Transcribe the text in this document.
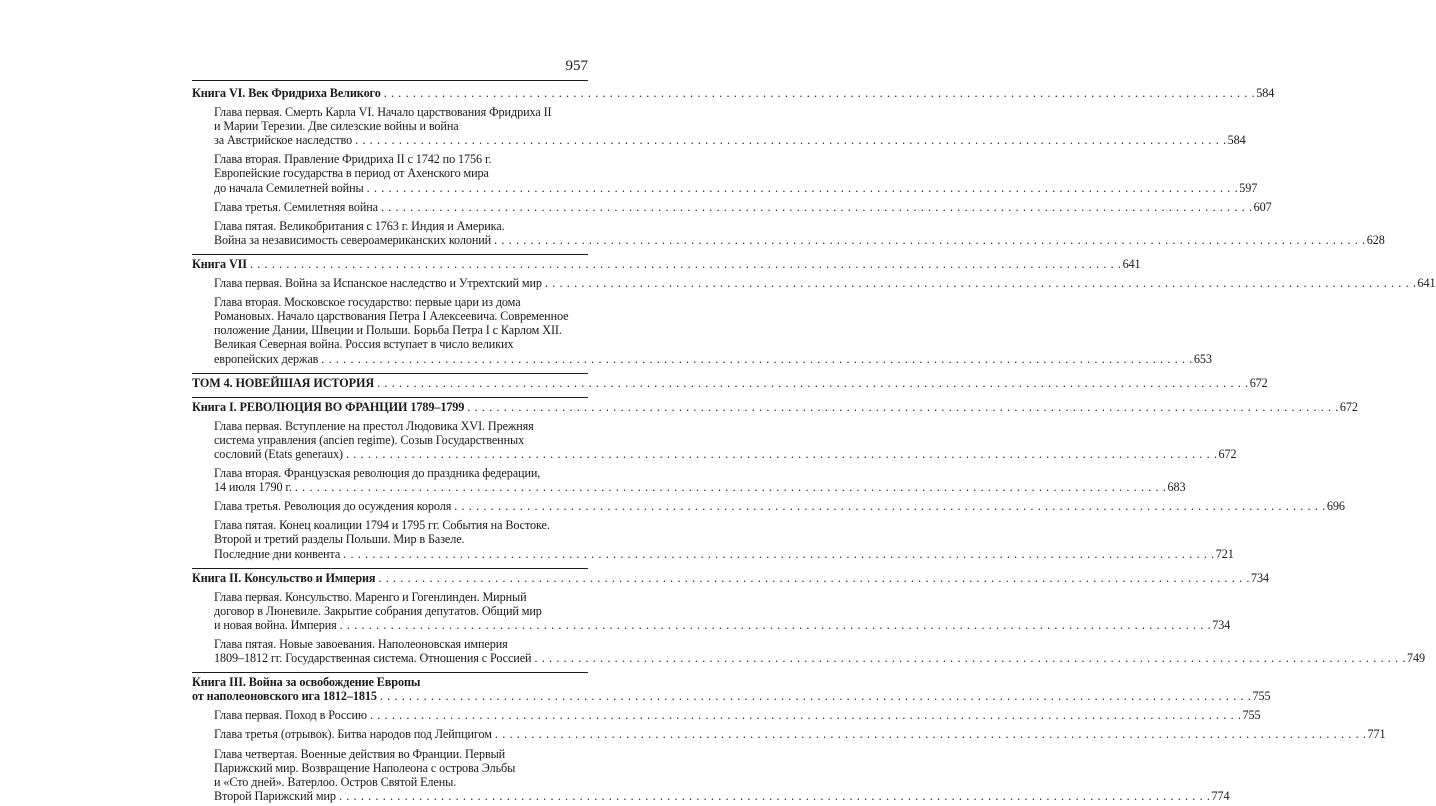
957
Книга VI. Век Фридриха Великого . . . . . . . . . . . . . . . . . . . . . . . . . . . . . . . . . . . . . . . . . . . . . . . . . . . . . . . . . . . . . . . . . . . . . . . . . . . . . . . . . . . . . . . . . . . . . . . . . . . . . . . . . . . . . . . . . . . . . . . . 584
Глава первая. Смерть Карла VI. Начало царствования Фридриха II
и Марии Терезии. Две силезские войны и война
за Австрийское наследство . . . . . . . . . . . . . . . . . . . . . . . . . . . . . . . . . . . . . . . . . . . . . . . . . . . . . . . . . . . . . . . . . . . . . . . . . . . . . . . . . . . . . . . . . . . . . . . . . . . . . . . . . . . . . . . . . . . . . . . . 584
Глава вторая. Правление Фридриха II с 1742 по 1756 г.
Европейские государства в период от Ахенского мира
до начала Семилетней войны . . . . . . . . . . . . . . . . . . . . . . . . . . . . . . . . . . . . . . . . . . . . . . . . . . . . . . . . . . . . . . . . . . . . . . . . . . . . . . . . . . . . . . . . . . . . . . . . . . . . . . . . . . . . . . . . . . . . . . . . 597
Глава третья. Семилетняя война . . . . . . . . . . . . . . . . . . . . . . . . . . . . . . . . . . . . . . . . . . . . . . . . . . . . . . . . . . . . . . . . . . . . . . . . . . . . . . . . . . . . . . . . . . . . . . . . . . . . . . . . . . . . . . . . . . . . . . . . 607
Глава пятая. Великобритания с 1763 г. Индия и Америка.
Война за независимость североамериканских колоний . . . . . . . . . . . . . . . . . . . . . . . . . . . . . . . . . . . . . . . . . . . . . . . . . . . . . . . . . . . . . . . . . . . . . . . . . . . . . . . . . . . . . . . . . . . . . . . . . . . . . . . . . . . . . . . . . . . . . . . . 628
Книга VII . . . . . . . . . . . . . . . . . . . . . . . . . . . . . . . . . . . . . . . . . . . . . . . . . . . . . . . . . . . . . . . . . . . . . . . . . . . . . . . . . . . . . . . . . . . . . . . . . . . . . . . . . . . . . . . . . . . . . . . . 641
Глава первая. Война за Испанское наследство и Утрехтский мир . . . . . . . . . . . . . . . . . . . . . . . . . . . . . . . . . . . . . . . . . . . . . . . . . . . . . . . . . . . . . . . . . . . . . . . . . . . . . . . . . . . . . . . . . . . . . . . . . . . . . . . . . . . . . . . . . . . . . . . . 641
Глава вторая. Московское государство: первые цари из дома
Романовых. Начало царствования Петра I Алексеевича. Современное
положение Дании, Швеции и Польши. Борьба Петра I с Карлом XII.
Великая Северная война. Россия вступает в число великих
европейских держав . . . . . . . . . . . . . . . . . . . . . . . . . . . . . . . . . . . . . . . . . . . . . . . . . . . . . . . . . . . . . . . . . . . . . . . . . . . . . . . . . . . . . . . . . . . . . . . . . . . . . . . . . . . . . . . . . . . . . . . . 653
ТОМ 4. НОВЕЙШАЯ ИСТОРИЯ . . . . . . . . . . . . . . . . . . . . . . . . . . . . . . . . . . . . . . . . . . . . . . . . . . . . . . . . . . . . . . . . . . . . . . . . . . . . . . . . . . . . . . . . . . . . . . . . . . . . . . . . . . . . . . . . . . . . . . . . 672
Книга I. РЕВОЛЮЦИЯ ВО ФРАНЦИИ 1789–1799 . . . . . . . . . . . . . . . . . . . . . . . . . . . . . . . . . . . . . . . . . . . . . . . . . . . . . . . . . . . . . . . . . . . . . . . . . . . . . . . . . . . . . . . . . . . . . . . . . . . . . . . . . . . . . . . . . . . . . . . . 672
Глава первая. Вступление на престол Людовика XVI. Прежняя
система управления (ancien regime). Созыв Государственных
сословий (Etats generaux) . . . . . . . . . . . . . . . . . . . . . . . . . . . . . . . . . . . . . . . . . . . . . . . . . . . . . . . . . . . . . . . . . . . . . . . . . . . . . . . . . . . . . . . . . . . . . . . . . . . . . . . . . . . . . . . . . . . . . . . . 672
Глава вторая. Французская революция до праздника федерации,
14 июля 1790 г. . . . . . . . . . . . . . . . . . . . . . . . . . . . . . . . . . . . . . . . . . . . . . . . . . . . . . . . . . . . . . . . . . . . . . . . . . . . . . . . . . . . . . . . . . . . . . . . . . . . . . . . . . . . . . . . . . . . . . . . . 683
Глава третья. Революция до осуждения короля . . . . . . . . . . . . . . . . . . . . . . . . . . . . . . . . . . . . . . . . . . . . . . . . . . . . . . . . . . . . . . . . . . . . . . . . . . . . . . . . . . . . . . . . . . . . . . . . . . . . . . . . . . . . . . . . . . . . . . . . 696
Глава пятая. Конец коалиции 1794 и 1795 гг. События на Востоке.
Второй и третий разделы Польши. Мир в Базеле.
Последние дни конвента . . . . . . . . . . . . . . . . . . . . . . . . . . . . . . . . . . . . . . . . . . . . . . . . . . . . . . . . . . . . . . . . . . . . . . . . . . . . . . . . . . . . . . . . . . . . . . . . . . . . . . . . . . . . . . . . . . . . . . . . 721
Книга II. Консульство и Империя . . . . . . . . . . . . . . . . . . . . . . . . . . . . . . . . . . . . . . . . . . . . . . . . . . . . . . . . . . . . . . . . . . . . . . . . . . . . . . . . . . . . . . . . . . . . . . . . . . . . . . . . . . . . . . . . . . . . . . . . 734
Глава первая. Консульство. Маренго и Гогенлинден. Мирный
договор в Люневиле. Закрытие собрания депутатов. Общий мир
и новая война. Империя . . . . . . . . . . . . . . . . . . . . . . . . . . . . . . . . . . . . . . . . . . . . . . . . . . . . . . . . . . . . . . . . . . . . . . . . . . . . . . . . . . . . . . . . . . . . . . . . . . . . . . . . . . . . . . . . . . . . . . . . 734
Глава пятая. Новые завоевания. Наполеоновская империя
1809–1812 гг. Государственная система. Отношения с Россией . . . . . . . . . . . . . . . . . . . . . . . . . . . . . . . . . . . . . . . . . . . . . . . . . . . . . . . . . . . . . . . . . . . . . . . . . . . . . . . . . . . . . . . . . . . . . . . . . . . . . . . . . . . . . . . . . . . . . . . . 749
Книга III. Война за освобождение Европы
от наполеоновского ига 1812–1815 . . . . . . . . . . . . . . . . . . . . . . . . . . . . . . . . . . . . . . . . . . . . . . . . . . . . . . . . . . . . . . . . . . . . . . . . . . . . . . . . . . . . . . . . . . . . . . . . . . . . . . . . . . . . . . . . . . . . . . . . 755
Глава первая. Поход в Россию . . . . . . . . . . . . . . . . . . . . . . . . . . . . . . . . . . . . . . . . . . . . . . . . . . . . . . . . . . . . . . . . . . . . . . . . . . . . . . . . . . . . . . . . . . . . . . . . . . . . . . . . . . . . . . . . . . . . . . . . 755
Глава третья (отрывок). Битва народов под Лейпцигом . . . . . . . . . . . . . . . . . . . . . . . . . . . . . . . . . . . . . . . . . . . . . . . . . . . . . . . . . . . . . . . . . . . . . . . . . . . . . . . . . . . . . . . . . . . . . . . . . . . . . . . . . . . . . . . . . . . . . . . . 771
Глава четвертая. Военные действия во Франции. Первый
Парижский мир. Возвращение Наполеона с острова Эльбы
и «Сто дней». Ватерлоо. Остров Святой Елены.
Второй Парижский мир . . . . . . . . . . . . . . . . . . . . . . . . . . . . . . . . . . . . . . . . . . . . . . . . . . . . . . . . . . . . . . . . . . . . . . . . . . . . . . . . . . . . . . . . . . . . . . . . . . . . . . . . . . . . . . . . . . . . . . . . 774
